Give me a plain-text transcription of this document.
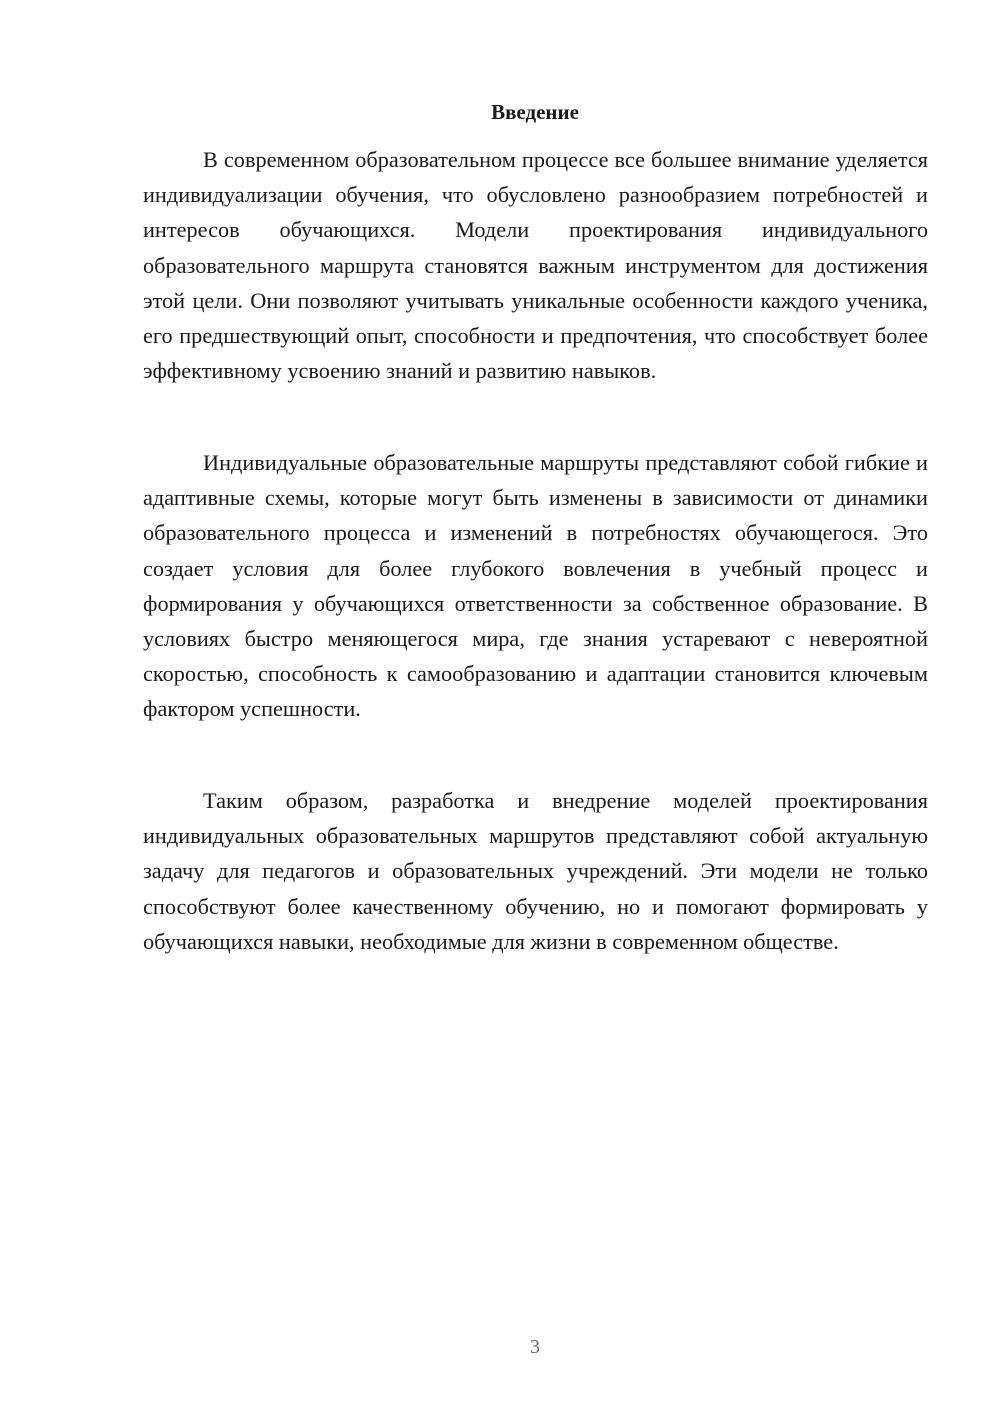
Введение

В современном образовательном процессе все большее внимание уделяется индивидуализации обучения, что обусловлено разнообразием потребностей и интересов обучающихся. Модели проектирования индивидуального образовательного маршрута становятся важным инструментом для достижения этой цели. Они позволяют учитывать уникальные особенности каждого ученика, его предшествующий опыт, способности и предпочтения, что способствует более эффективному усвоению знаний и развитию навыков.

Индивидуальные образовательные маршруты представляют собой гибкие и адаптивные схемы, которые могут быть изменены в зависимости от динамики образовательного процесса и изменений в потребностях обучающегося. Это создает условия для более глубокого вовлечения в учебный процесс и формирования у обучающихся ответственности за собственное образование. В условиях быстро меняющегося мира, где знания устаревают с невероятной скоростью, способность к самообразованию и адаптации становится ключевым фактором успешности.

Таким образом, разработка и внедрение моделей проектирования индивидуальных образовательных маршрутов представляют собой актуальную задачу для педагогов и образовательных учреждений. Эти модели не только способствуют более качественному обучению, но и помогают формировать у обучающихся навыки, необходимые для жизни в современном обществе.

3
